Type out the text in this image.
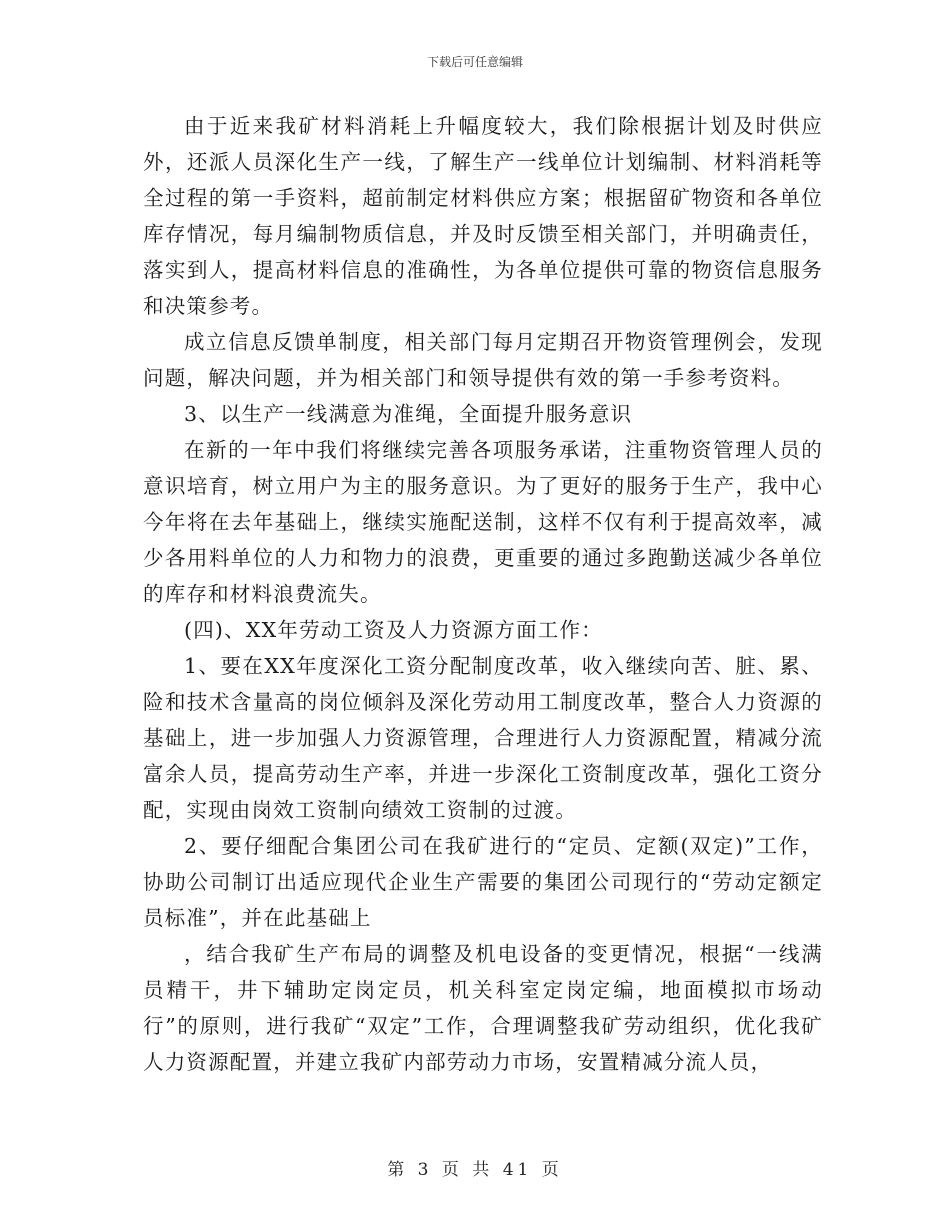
下载后可任意编辑

由于近来我矿材料消耗上升幅度较大，我们除根据计划及时供应外，还派人员深化生产一线，了解生产一线单位计划编制、材料消耗等全过程的第一手资料，超前制定材料供应方案；根据留矿物资和各单位库存情况，每月编制物质信息，并及时反馈至相关部门，并明确责任，落实到人，提高材料信息的准确性，为各单位提供可靠的物资信息服务和决策参考。

成立信息反馈单制度，相关部门每月定期召开物资管理例会，发现问题，解决问题，并为相关部门和领导提供有效的第一手参考资料。

3、以生产一线满意为准绳，全面提升服务意识

在新的一年中我们将继续完善各项服务承诺，注重物资管理人员的意识培育，树立用户为主的服务意识。为了更好的服务于生产，我中心今年将在去年基础上，继续实施配送制，这样不仅有利于提高效率，减少各用料单位的人力和物力的浪费，更重要的通过多跑勤送减少各单位的库存和材料浪费流失。

(四)、XX年劳动工资及人力资源方面工作：

1、要在XX年度深化工资分配制度改革，收入继续向苦、脏、累、险和技术含量高的岗位倾斜及深化劳动用工制度改革，整合人力资源的基础上，进一步加强人力资源管理，合理进行人力资源配置，精减分流富余人员，提高劳动生产率，并进一步深化工资制度改革，强化工资分配，实现由岗效工资制向绩效工资制的过渡。

2、要仔细配合集团公司在我矿进行的“定员、定额(双定)”工作，协助公司制订出适应现代企业生产需要的集团公司现行的“劳动定额定员标准”，并在此基础上

，结合我矿生产布局的调整及机电设备的变更情况，根据“一线满员精干，井下辅助定岗定员，机关科室定岗定编，地面模拟市场动行”的原则，进行我矿“双定”工作，合理调整我矿劳动组织，优化我矿人力资源配置，并建立我矿内部劳动力市场，安置精减分流人员，

第 3 页 共 41 页
